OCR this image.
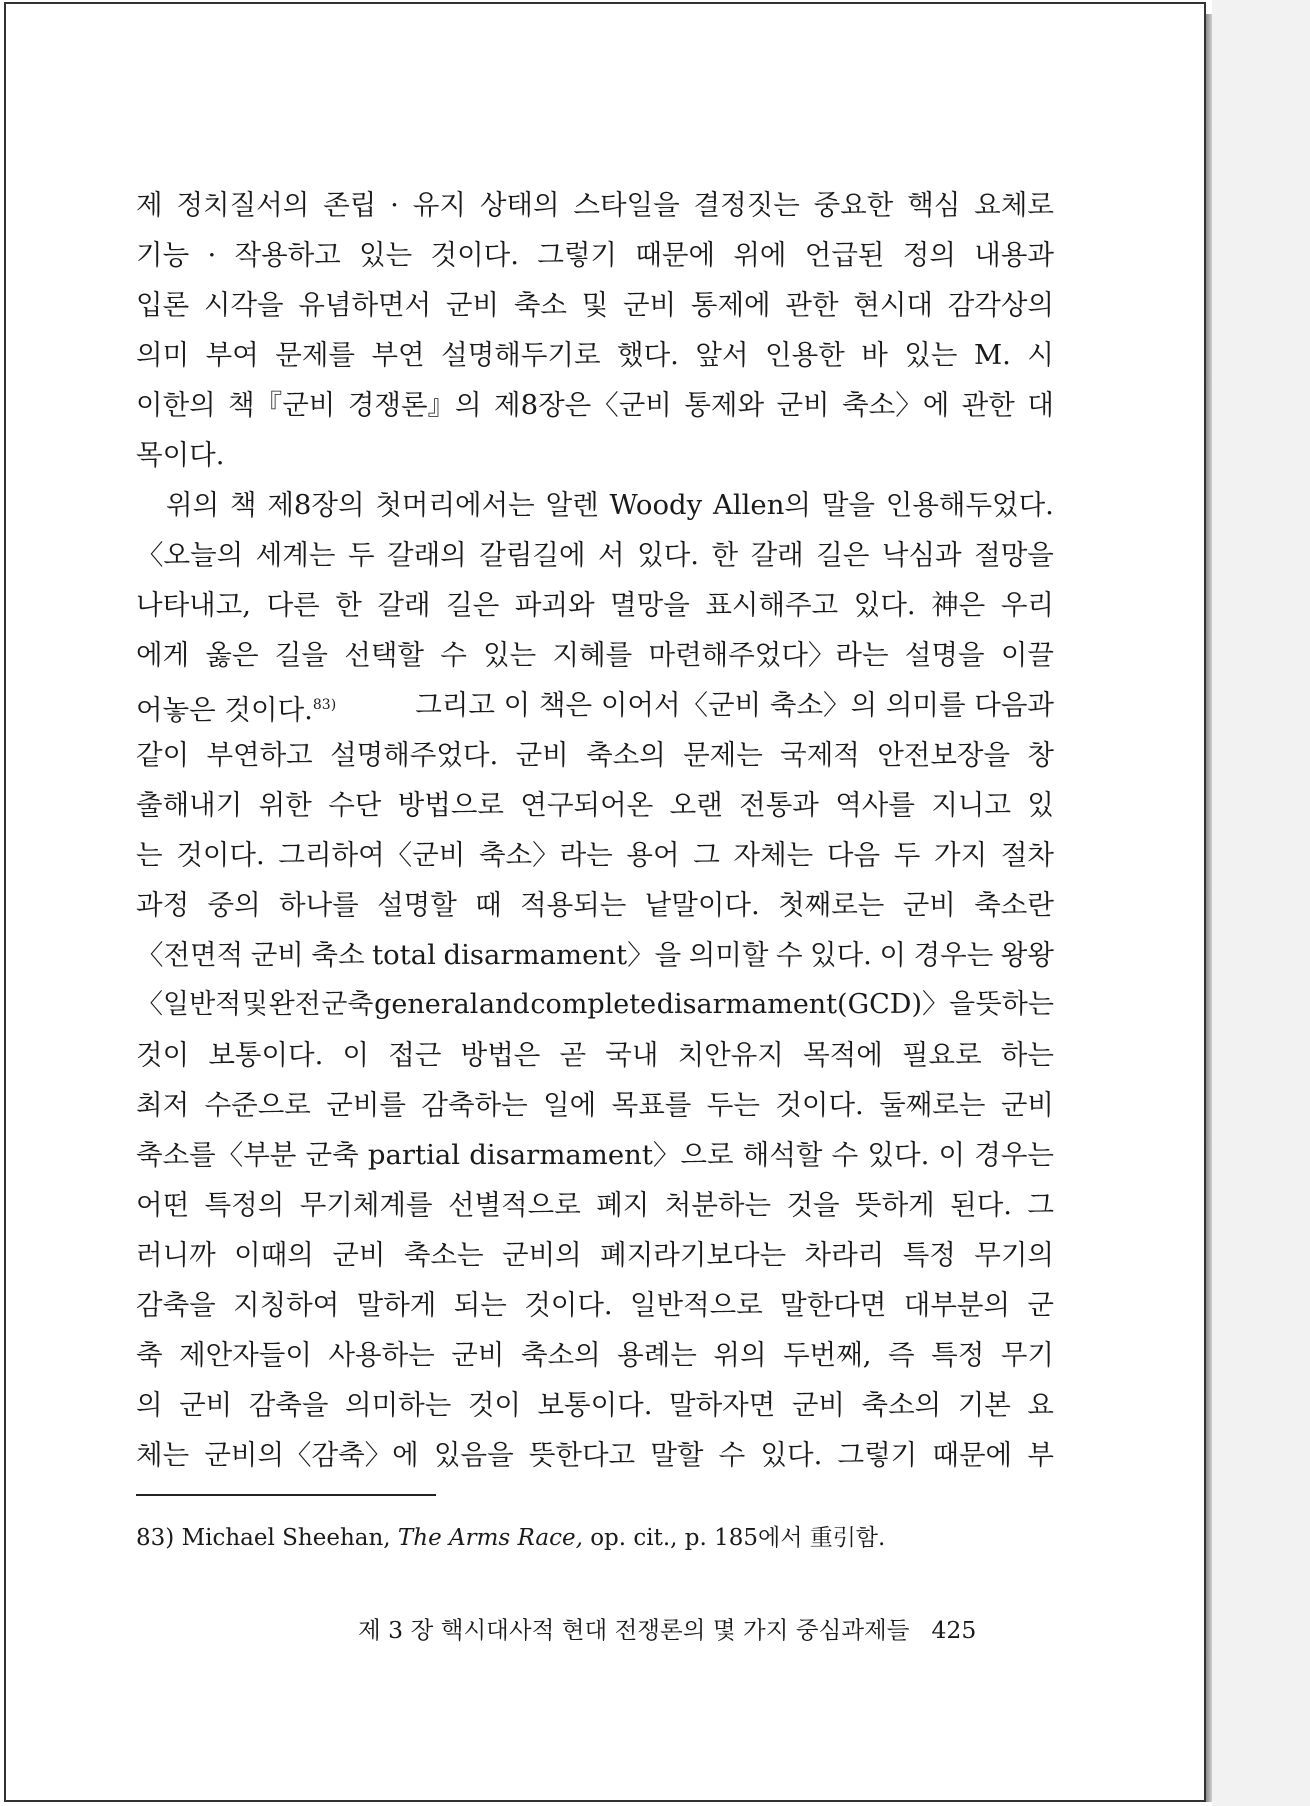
제 정치질서의 존립 · 유지 상태의 스타일을 결정짓는 중요한 핵심 요체로
기능 · 작용하고 있는 것이다. 그렇기 때문에 위에 언급된 정의 내용과
입론 시각을 유념하면서 군비 축소 및 군비 통제에 관한 현시대 감각상의
의미 부여 문제를 부연 설명해두기로 했다. 앞서 인용한 바 있는 M. 시
이한의 책『군비 경쟁론』의 제8장은〈군비 통제와 군비 축소〉에 관한 대
목이다.
위의 책 제8장의 첫머리에서는 알렌 Woody Allen의 말을 인용해두었다.
〈오늘의 세계는 두 갈래의 갈림길에 서 있다. 한 갈래 길은 낙심과 절망을
나타내고, 다른 한 갈래 길은 파괴와 멸망을 표시해주고 있다. 神은 우리
에게 옳은 길을 선택할 수 있는 지혜를 마련해주었다〉라는 설명을 이끌
어놓은 것이다.$^{83)}$	그리고 이 책은 이어서〈군비 축소〉의 의미를 다음과
같이 부연하고 설명해주었다. 군비 축소의 문제는 국제적 안전보장을 창
출해내기 위한 수단 방법으로 연구되어온 오랜 전통과 역사를 지니고 있
는 것이다. 그리하여〈군비 축소〉라는 용어 그 자체는 다음 두 가지 절차
과정 중의 하나를 설명할 때 적용되는 낱말이다. 첫째로는 군비 축소란
〈전면적 군비 축소 total disarmament〉을 의미할 수 있다. 이 경우는 왕왕
〈일반적 및 완전 군축 general and complete disarmament(GCD)〉을 뜻하는
것이 보통이다. 이 접근 방법은 곧 국내 치안유지 목적에 필요로 하는
최저 수준으로 군비를 감축하는 일에 목표를 두는 것이다. 둘째로는 군비
축소를〈부분 군축 partial disarmament〉으로 해석할 수 있다. 이 경우는
어떤 특정의 무기체계를 선별적으로 폐지 처분하는 것을 뜻하게 된다. 그
러니까 이때의 군비 축소는 군비의 폐지라기보다는 차라리 특정 무기의
감축을 지칭하여 말하게 되는 것이다. 일반적으로 말한다면 대부분의 군
축 제안자들이 사용하는 군비 축소의 용례는 위의 두번째, 즉 특정 무기
의 군비 감축을 의미하는 것이 보통이다. 말하자면 군비 축소의 기본 요
체는 군비의〈감축〉에 있음을 뜻한다고 말할 수 있다. 그렇기 때문에 부
83) Michael Sheehan, The Arms Race, op. cit., p. 185에서 重引함.
제 3 장 핵시대사적 현대 전쟁론의 몇 가지 중심과제들 425
